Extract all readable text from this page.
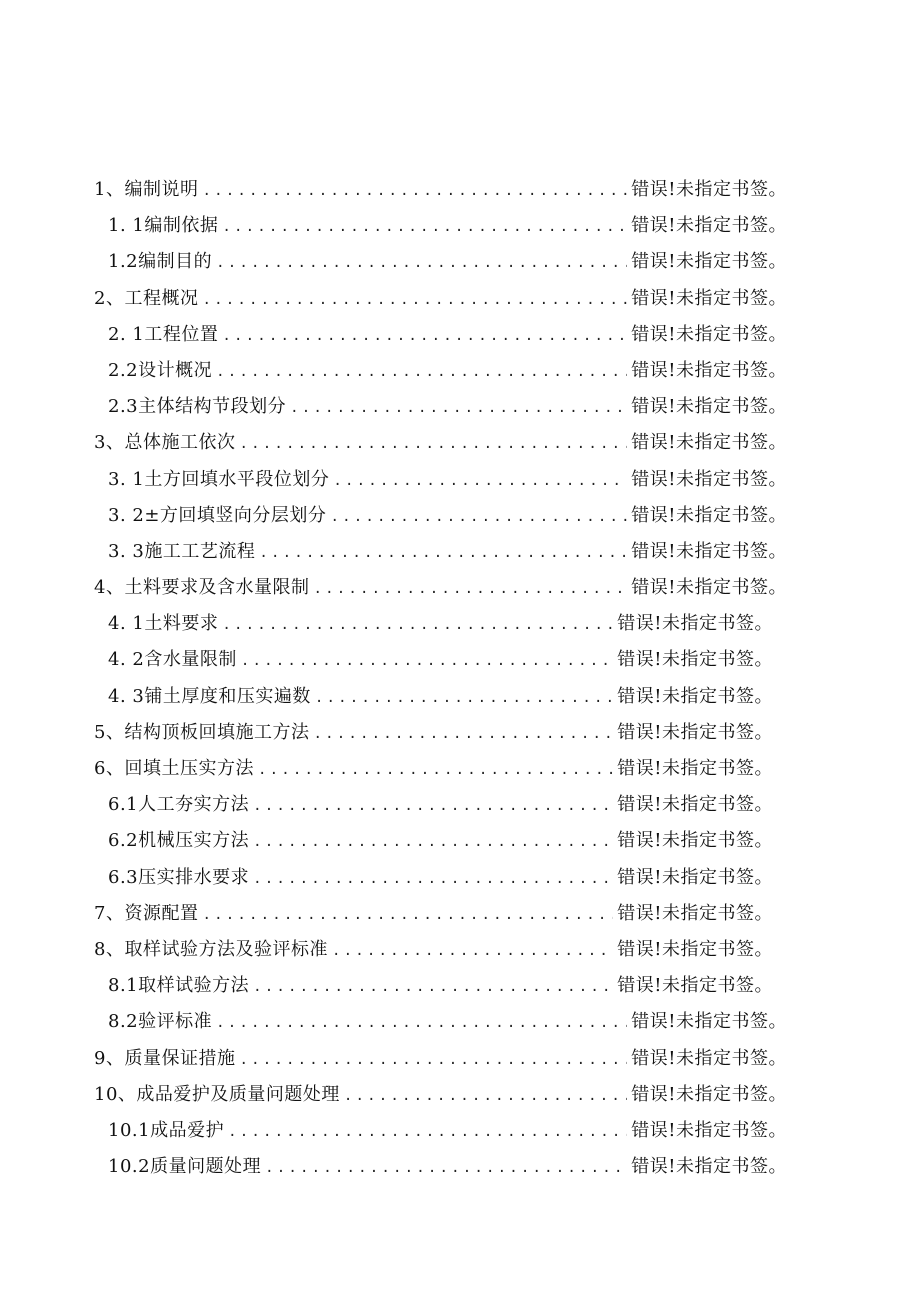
1、编制说明 .....	错误!未指定书签。
1. 1编制依据 .....	错误!未指定书签。
1.2编制目的 .....	错误!未指定书签。
2、工程概况 .....	错误!未指定书签。
2. 1工程位置 .....	错误!未指定书签。
2.2设计概况 .....	错误!未指定书签。
2.3主体结构节段划分 .....	错误!未指定书签。
3、总体施工依次 .....	错误!未指定书签。
3. 1土方回填水平段位划分 .....	错误!未指定书签。
3. 2±方回填竖向分层划分 .....	错误!未指定书签。
3. 3施工工艺流程 .....	错误!未指定书签。
4、土料要求及含水量限制 .....	错误!未指定书签。
4. 1土料要求 .....	错误!未指定书签。
4. 2含水量限制 .....	错误!未指定书签。
4. 3铺土厚度和压实遍数 .....	错误!未指定书签。
5、结构顶板回填施工方法 .....	错误!未指定书签。
6、回填土压实方法 .....	错误!未指定书签。
6.1人工夯实方法 .....	错误!未指定书签。
6.2机械压实方法 .....	错误!未指定书签。
6.3压实排水要求 .....	错误!未指定书签。
7、资源配置 .....	错误!未指定书签。
8、取样试验方法及验评标准 .....	错误!未指定书签。
8.1取样试验方法 .....	错误!未指定书签。
8.2验评标准 .....	错误!未指定书签。
9、质量保证措施 .....	错误!未指定书签。
10、成品爱护及质量问题处理 .....	错误!未指定书签。
10.1成品爱护 .....	错误!未指定书签。
10.2质量问题处理 .....	错误!未指定书签。
